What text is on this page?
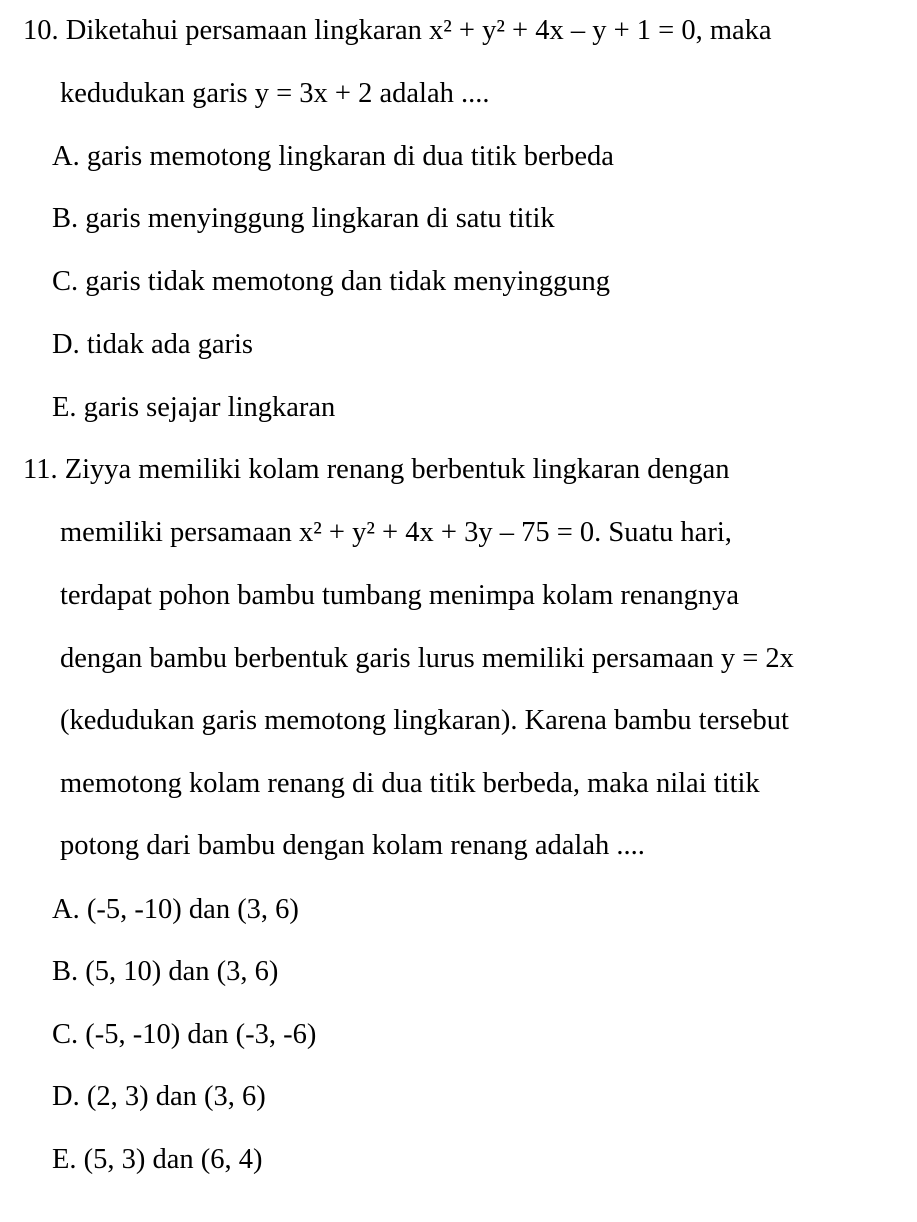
10. Diketahui persamaan lingkaran x² + y² + 4x – y + 1 = 0, maka
kedudukan garis y = 3x + 2 adalah ....
A. garis memotong lingkaran di dua titik berbeda
B. garis menyinggung lingkaran di satu titik
C. garis tidak memotong dan tidak menyinggung
D. tidak ada garis
E. garis sejajar lingkaran
11. Ziyya memiliki kolam renang berbentuk lingkaran dengan
memiliki persamaan x² + y² + 4x + 3y – 75 = 0. Suatu hari,
terdapat pohon bambu tumbang menimpa kolam renangnya
dengan bambu berbentuk garis lurus memiliki persamaan y = 2x
(kedudukan garis memotong lingkaran). Karena bambu tersebut
memotong kolam renang di dua titik berbeda, maka nilai titik
potong dari bambu dengan kolam renang adalah ....
A. (-5, -10) dan (3, 6)
B. (5, 10) dan (3, 6)
C. (-5, -10) dan (-3, -6)
D. (2, 3) dan (3, 6)
E. (5, 3) dan (6, 4)
